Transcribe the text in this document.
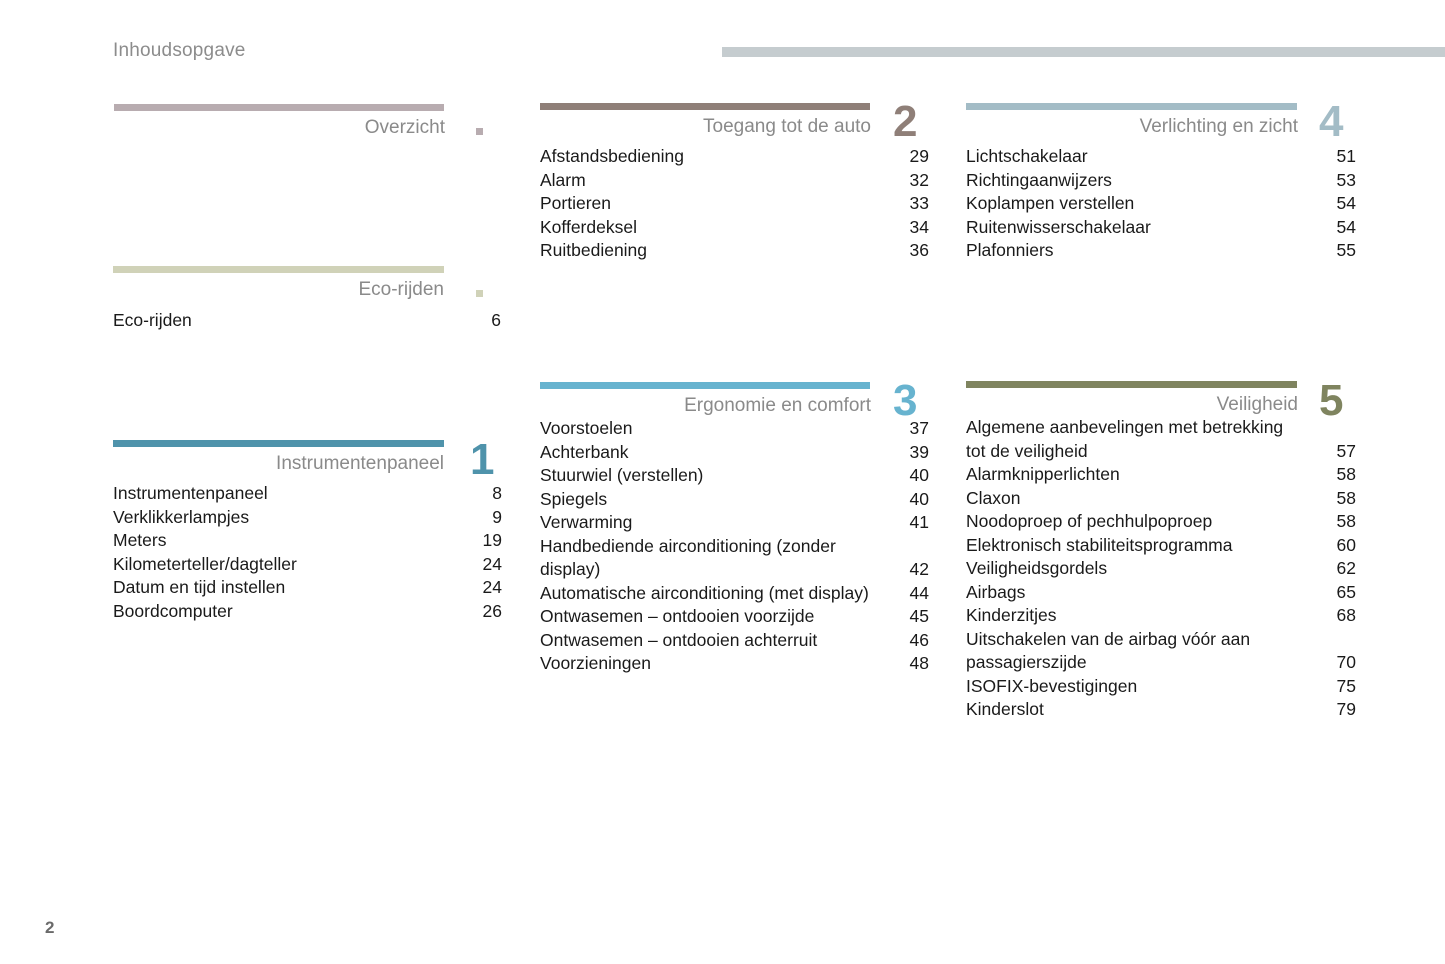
Inhoudsopgave
Overzicht
Eco-rijden
Eco-rijden	6
Instrumentenpaneel 1
Instrumentenpaneel	8
Verklikkerlampjes	9
Meters	19
Kilometerteller/dagteller	24
Datum en tijd instellen	24
Boordcomputer	26
Toegang tot de auto 2
Afstandsbediening	29
Alarm	32
Portieren	33
Kofferdeksel	34
Ruitbediening	36
Ergonomie en comfort 3
Voorstoelen	37
Achterbank	39
Stuurwiel (verstellen)	40
Spiegels	40
Verwarming	41
Handbediende airconditioning (zonder
display)	42
Automatische airconditioning (met display)	44
Ontwasemen – ontdooien voorzijde	45
Ontwasemen – ontdooien achterruit	46
Voorzieningen	48
Verlichting en zicht 4
Lichtschakelaar	51
Richtingaanwijzers	53
Koplampen verstellen	54
Ruitenwisserschakelaar	54
Plafonniers	55
Veiligheid 5
Algemene aanbevelingen met betrekking
tot de veiligheid	57
Alarmknipperlichten	58
Claxon	58
Noodoproep of pechhulpoproep	58
Elektronisch stabiliteitsprogramma	60
Veiligheidsgordels	62
Airbags	65
Kinderzitjes	68
Uitschakelen van de airbag vóór aan
passagierszijde	70
ISOFIX-bevestigingen	75
Kinderslot	79
2
